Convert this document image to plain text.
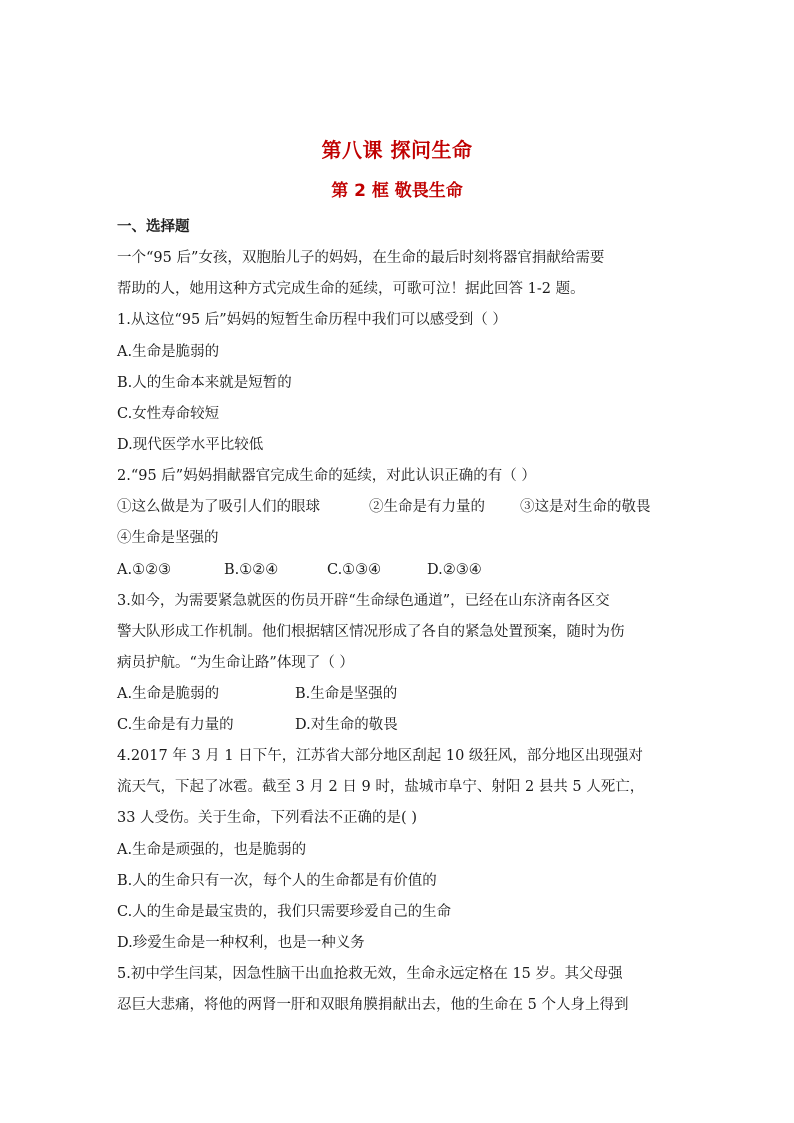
第八课 探问生命
第 2 框 敬畏生命
一、选择题
一个“95 后”女孩，双胞胎儿子的妈妈，在生命的最后时刻将器官捐献给需要
帮助的人，她用这种方式完成生命的延续，可歌可泣！据此回答 1-2 题。
1.从这位“95 后”妈妈的短暂生命历程中我们可以感受到（ ）
A.生命是脆弱的
B.人的生命本来就是短暂的
C.女性寿命较短
D.现代医学水平比较低
2.“95 后”妈妈捐献器官完成生命的延续，对此认识正确的有（ ）
①这么做是为了吸引人们的眼球	②生命是有力量的 ③这是对生命的敬畏
④生命是坚强的
A.①②③	B.①②④	C.①③④	D.②③④
3.如今，为需要紧急就医的伤员开辟“生命绿色通道”，已经在山东济南各区交
警大队形成工作机制。他们根据辖区情况形成了各自的紧急处置预案，随时为伤
病员护航。“为生命让路”体现了（ ）
A.生命是脆弱的	B.生命是坚强的
C.生命是有力量的	D.对生命的敬畏
4.2017 年 3 月 1 日下午，江苏省大部分地区刮起 10 级狂风，部分地区出现强对
流天气，下起了冰雹。截至 3 月 2 日 9 时，盐城市阜宁、射阳 2 县共 5 人死亡，
33 人受伤。关于生命，下列看法不正确的是( )
A.生命是顽强的，也是脆弱的
B.人的生命只有一次，每个人的生命都是有价值的
C.人的生命是最宝贵的，我们只需要珍爱自己的生命
D.珍爱生命是一种权利，也是一种义务
5.初中学生闫某，因急性脑干出血抢救无效，生命永远定格在 15 岁。其父母强
忍巨大悲痛，将他的两肾一肝和双眼角膜捐献出去，他的生命在 5 个人身上得到
